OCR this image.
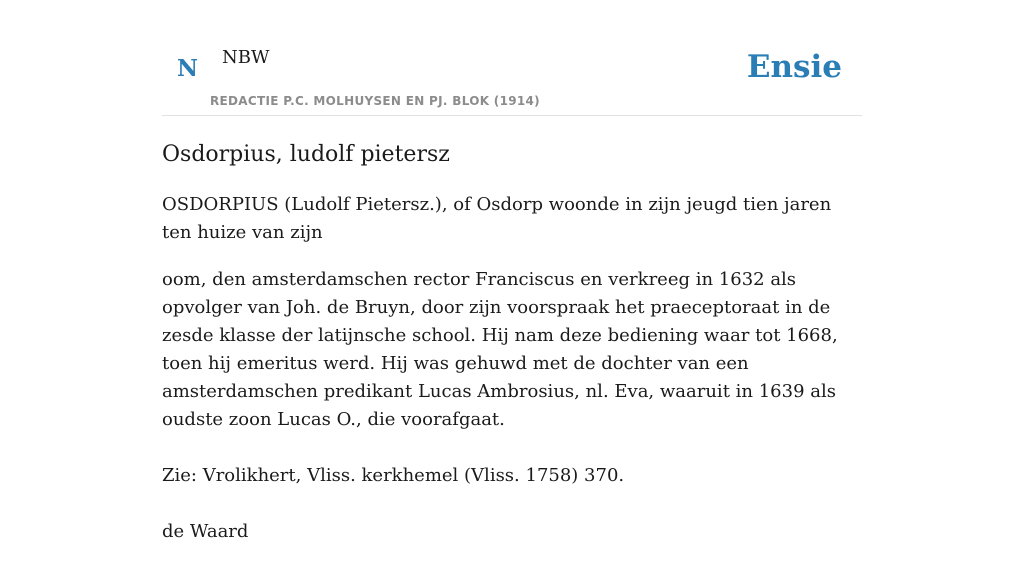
N NBW
REDACTIE P.C. MOLHUYSEN EN PJ. BLOK (1914)
Ensie
Osdorpius, ludolf pietersz

OSDORPIUS (Ludolf Pietersz.), of Osdorp woonde in zijn jeugd tien jaren ten huize van zijn

oom, den amsterdamschen rector Franciscus en verkreeg in 1632 als opvolger van Joh. de Bruyn, door zijn voorspraak het praeceptoraat in de zesde klasse der latijnsche school. Hij nam deze bediening waar tot 1668, toen hij emeritus werd. Hij was gehuwd met de dochter van een amsterdamschen predikant Lucas Ambrosius, nl. Eva, waaruit in 1639 als oudste zoon Lucas O., die voorafgaat.

Zie: Vrolikhert, Vliss. kerkhemel (Vliss. 1758) 370.

de Waard
